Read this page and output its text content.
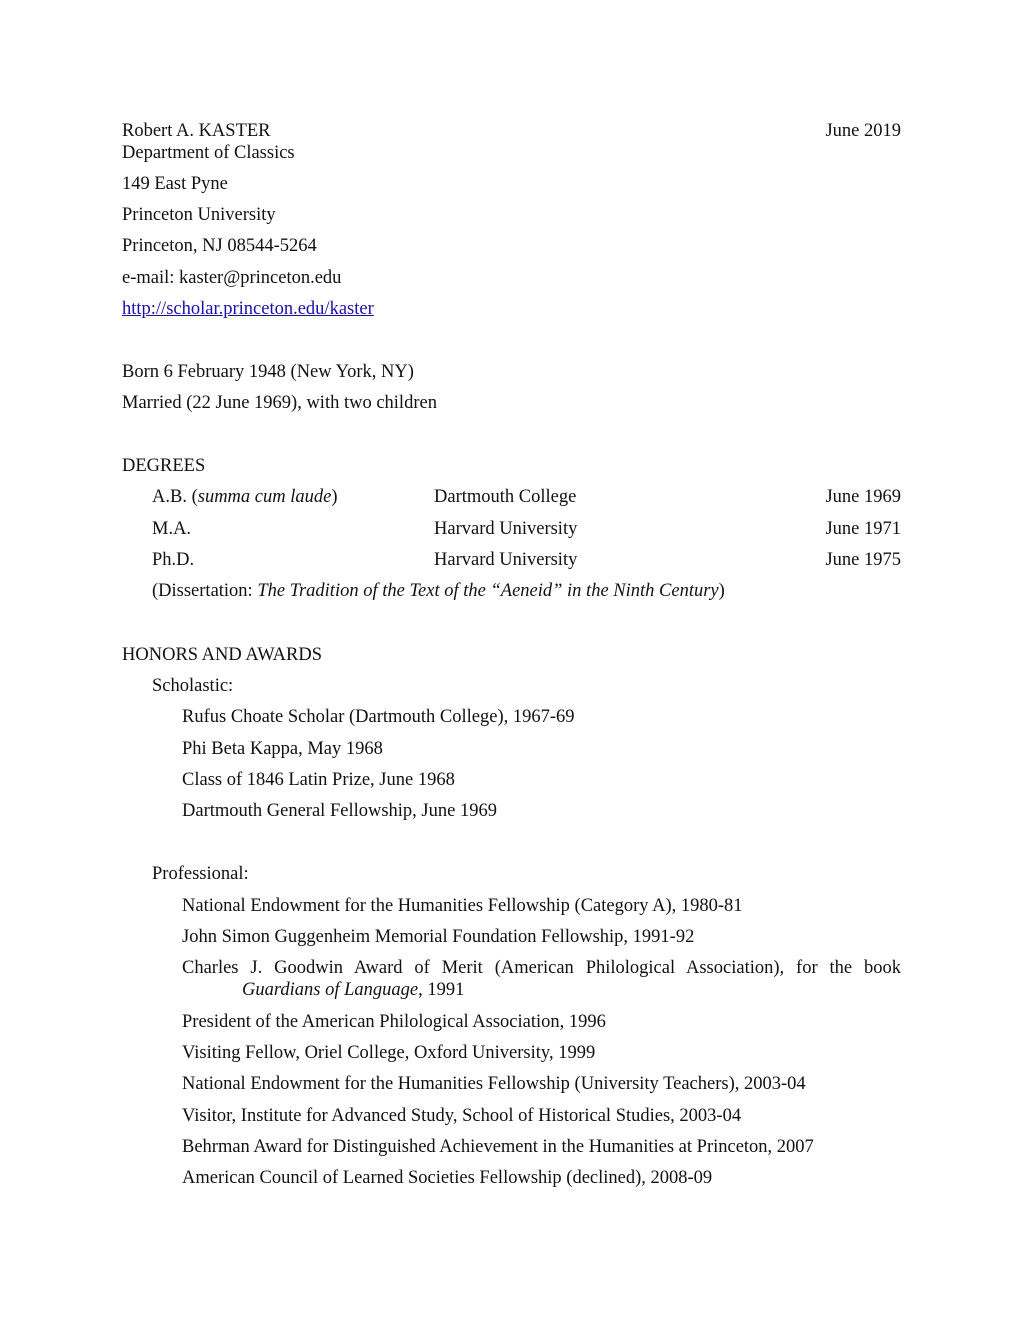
Robert A. KASTER	June 2019
Department of Classics
149 East Pyne
Princeton University
Princeton, NJ 08544-5264
e-mail: kaster@princeton.edu
http://scholar.princeton.edu/kaster
Born 6 February 1948 (New York, NY)
Married (22 June 1969), with two children
DEGREES
A.B. (summa cum laude)	Dartmouth College	June 1969
M.A.	Harvard University	June 1971
Ph.D.	Harvard University	June 1975
(Dissertation: The Tradition of the Text of the “Aeneid” in the Ninth Century)
HONORS AND AWARDS
Scholastic:
Rufus Choate Scholar (Dartmouth College), 1967-69
Phi Beta Kappa, May 1968
Class of 1846 Latin Prize, June 1968
Dartmouth General Fellowship, June 1969
Professional:
National Endowment for the Humanities Fellowship (Category A), 1980-81
John Simon Guggenheim Memorial Foundation Fellowship, 1991-92
Charles J. Goodwin Award of Merit (American Philological Association), for the book
Guardians of Language, 1991
President of the American Philological Association, 1996
Visiting Fellow, Oriel College, Oxford University, 1999
National Endowment for the Humanities Fellowship (University Teachers), 2003-04
Visitor, Institute for Advanced Study, School of Historical Studies, 2003-04
Behrman Award for Distinguished Achievement in the Humanities at Princeton, 2007
American Council of Learned Societies Fellowship (declined), 2008-09
